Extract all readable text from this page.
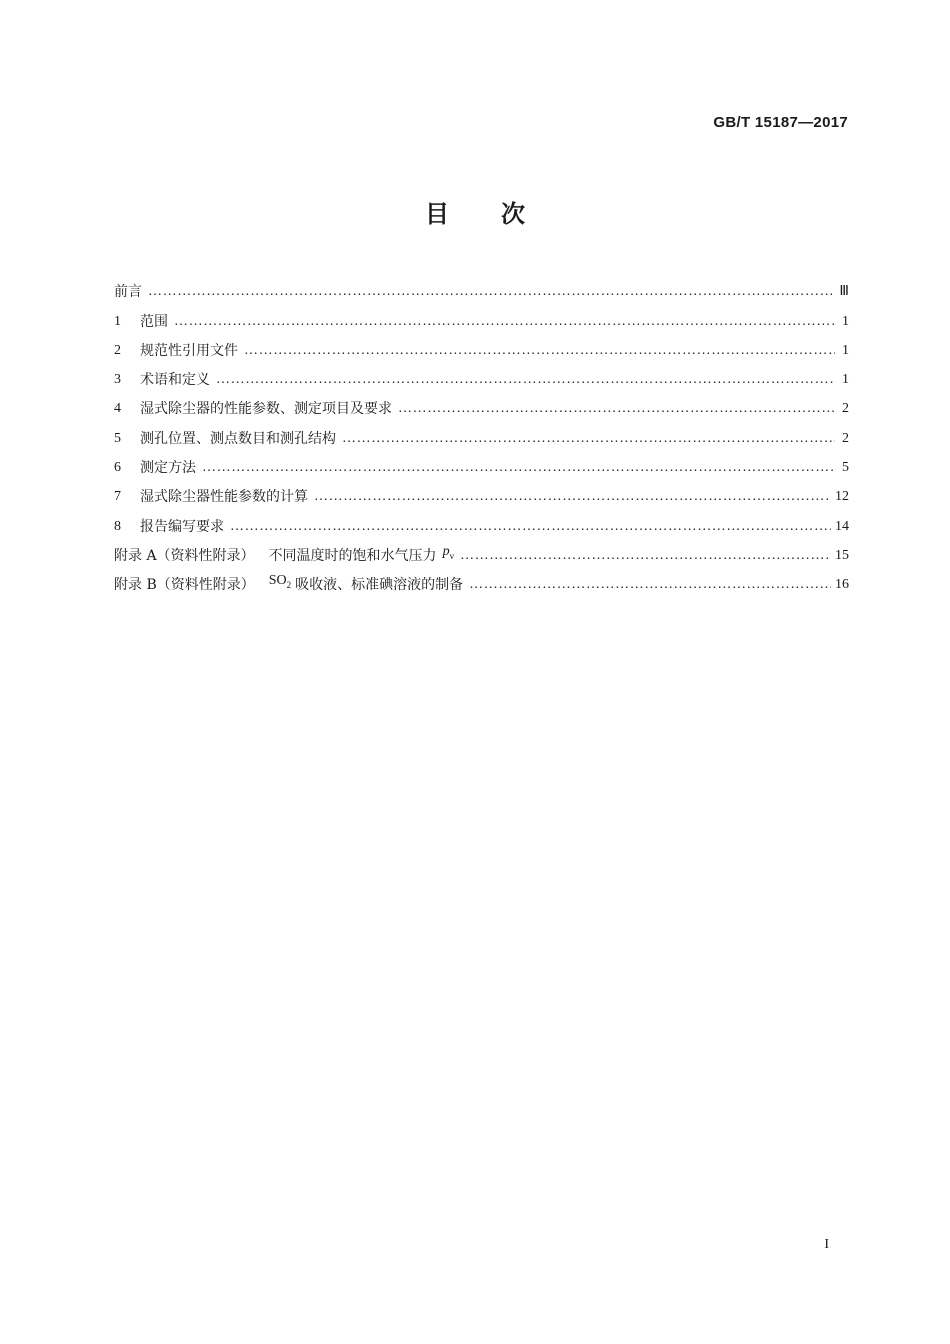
GB/T 15187—2017
目次
前言 …………………………………………………………………………………………………………………………………………………………………………………………………………………………	Ⅲ
1	范围 …………………………………………………………………………………………………………………………………………………………………………………………………………………………	1
2	规范性引用文件 …………………………………………………………………………………………………………………………………………………………………………………………………………………………	1
3	术语和定义 …………………………………………………………………………………………………………………………………………………………………………………………………………………………	1
4	湿式除尘器的性能参数、测定项目及要求 …………………………………………………………………………………………………………………………………………………………………………………………………………………………	2
5	测孔位置、测点数目和测孔结构 …………………………………………………………………………………………………………………………………………………………………………………………………………………………	2
6	测定方法 …………………………………………………………………………………………………………………………………………………………………………………………………………………………	5
7	湿式除尘器性能参数的计算 …………………………………………………………………………………………………………………………………………………………………………………………………………………………	12
8	报告编写要求 …………………………………………………………………………………………………………………………………………………………………………………………………………………………	14
附录 A（资料性附录） 不同温度时的饱和水气压力 $p_v$ …………………………………………………………………………………………………………………………………………………………………………………………………………………………	15
附录 B（资料性附录） $SO_2$ 吸收液、标准碘溶液的制备 …………………………………………………………………………………………………………………………………………………………………………………………………………………………	16
I
